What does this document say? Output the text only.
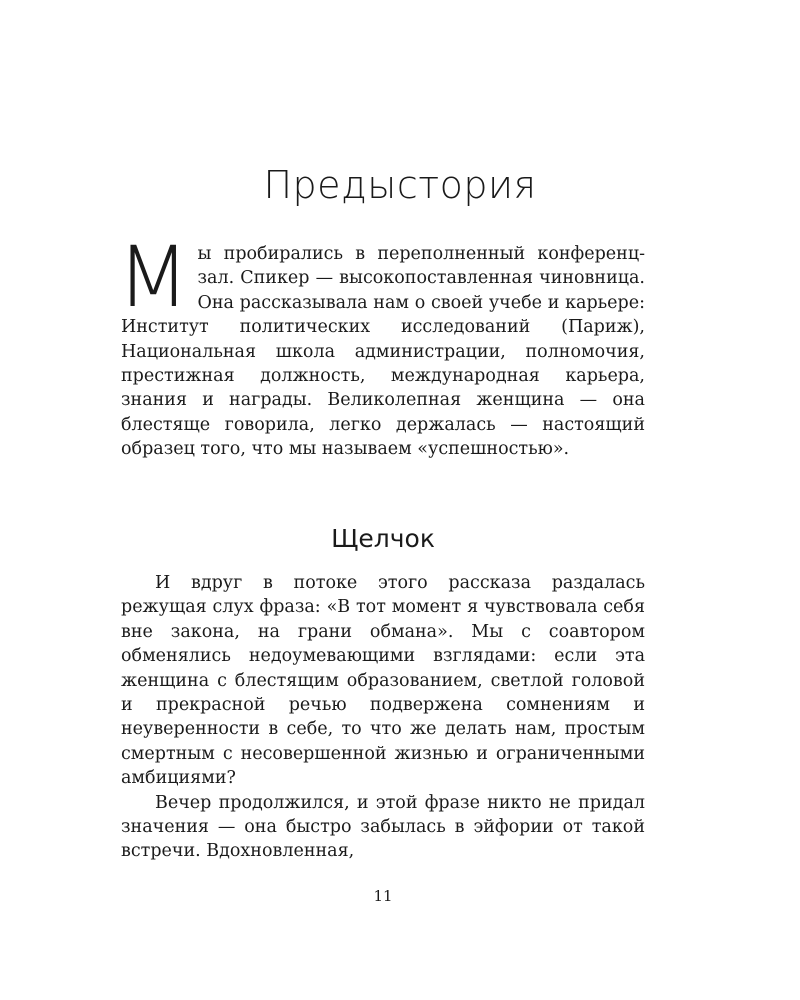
Предыстория

М ы пробирались в переполненный конференц-зал. Спикер — высокопоставленная чиновница. Она рассказывала нам о своей учебе и карьере: Институт политических исследований (Париж), Национальная школа администрации, полномочия, престижная должность, международная карьера, знания и награды. Великолепная женщина — она блестяще говорила, легко держалась — настоящий образец того, что мы называем «успешностью».

Щелчок

И вдруг в потоке этого рассказа раздалась режущая слух фраза: «В тот момент я чувствовала себя вне закона, на грани обмана». Мы с соавтором обменялись недоумевающими взглядами: если эта женщина с блестящим образованием, светлой головой и прекрасной речью подвержена сомнениям и неуверенности в себе, то что же делать нам, простым смертным с несовершенной жизнью и ограниченными амбициями?

Вечер продолжился, и этой фразе никто не придал значения — она быстро забылась в эйфории от такой встречи. Вдохновленная,

11
